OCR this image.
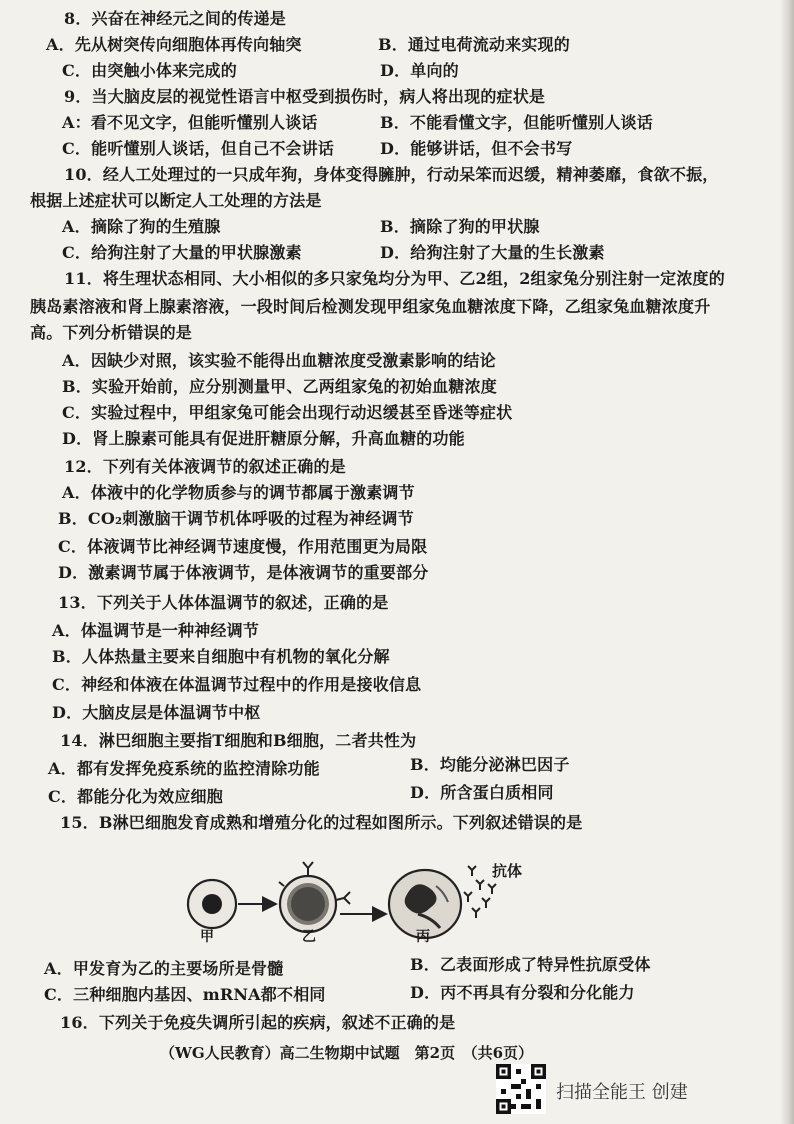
8．兴奋在神经元之间的传递是
A．先从树突传向细胞体再传向轴突	B．通过电荷流动来实现的
C．由突触小体来完成的	D．单向的
9．当大脑皮层的视觉性语言中枢受到损伤时，病人将出现的症状是
A：看不见文字，但能听懂别人谈话	B．不能看懂文字，但能听懂别人谈话
C．能听懂别人谈话，但自己不会讲话	D．能够讲话，但不会书写
10．经人工处理过的一只成年狗，身体变得臃肿，行动呆笨而迟缓，精神萎靡，食欲不振，
根据上述症状可以断定人工处理的方法是
A．摘除了狗的生殖腺	B．摘除了狗的甲状腺
C．给狗注射了大量的甲状腺激素	D．给狗注射了大量的生长激素
11．将生理状态相同、大小相似的多只家兔均分为甲、乙2组，2组家兔分别注射一定浓度的
胰岛素溶液和肾上腺素溶液，一段时间后检测发现甲组家兔血糖浓度下降，乙组家兔血糖浓度升
高。下列分析错误的是
A．因缺少对照，该实验不能得出血糖浓度受激素影响的结论
B．实验开始前，应分别测量甲、乙两组家兔的初始血糖浓度
C．实验过程中，甲组家兔可能会出现行动迟缓甚至昏迷等症状
D．肾上腺素可能具有促进肝糖原分解，升高血糖的功能
12．下列有关体液调节的叙述正确的是
A．体液中的化学物质参与的调节都属于激素调节
B．CO₂刺激脑干调节机体呼吸的过程为神经调节
C．体液调节比神经调节速度慢，作用范围更为局限
D．激素调节属于体液调节，是体液调节的重要部分
13．下列关于人体体温调节的叙述，正确的是
A．体温调节是一种神经调节
B．人体热量主要来自细胞中有机物的氧化分解
C．神经和体液在体温调节过程中的作用是接收信息
D．大脑皮层是体温调节中枢
14．淋巴细胞主要指T细胞和B细胞，二者共性为
A．都有发挥免疫系统的监控清除功能	B．均能分泌淋巴因子
C．都能分化为效应细胞	D．所含蛋白质相同
15．B淋巴细胞发育成熟和增殖分化的过程如图所示。下列叙述错误的是
抗体
甲	乙	丙
A．甲发育为乙的主要场所是骨髓	B．乙表面形成了特异性抗原受体
C．三种细胞内基因、mRNA都不相同	D．丙不再具有分裂和分化能力
16．下列关于免疫失调所引起的疾病，叙述不正确的是
（WG人民教育）高二生物期中试题　第2页　（共6页）
扫描全能王 创建
